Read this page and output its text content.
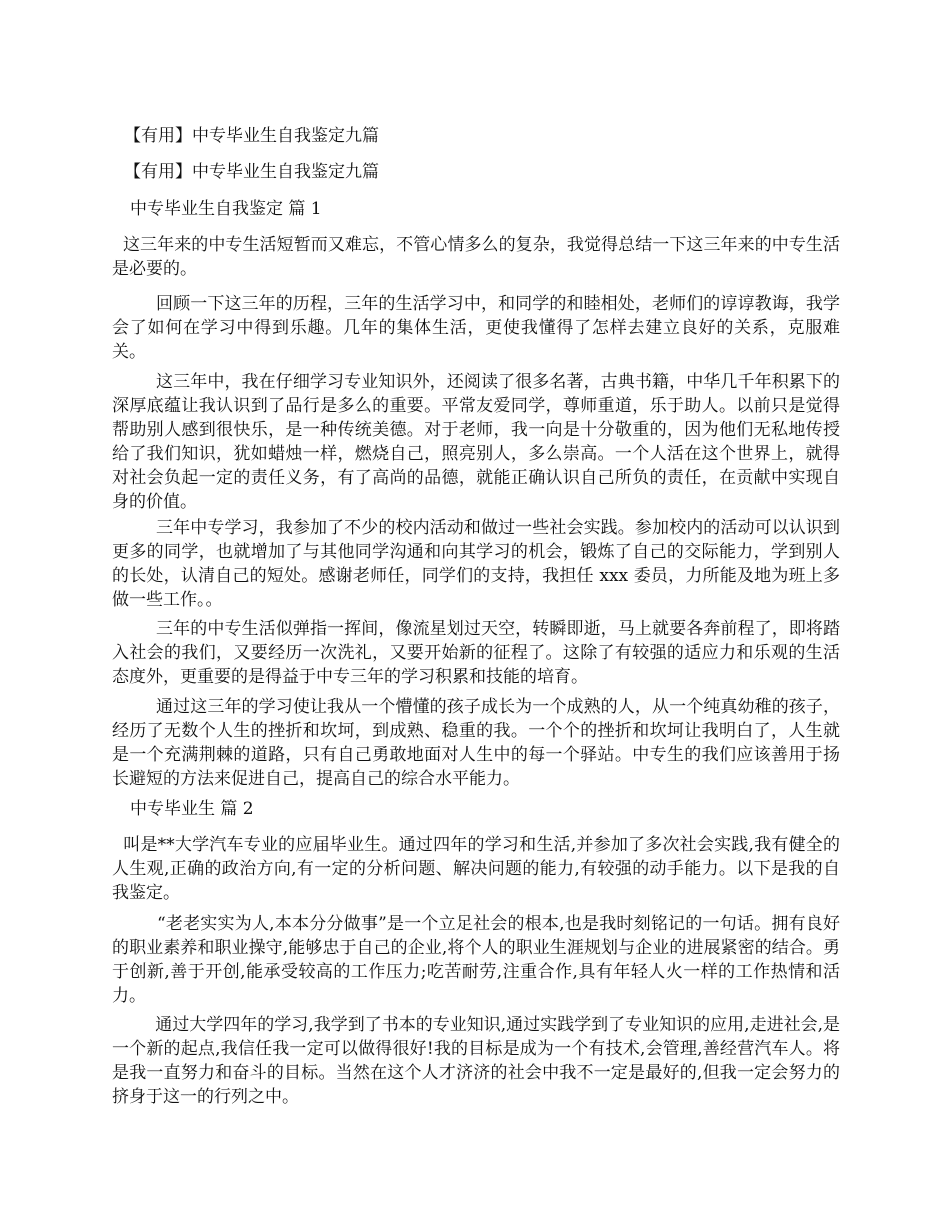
【有用】中专毕业生自我鉴定九篇
【有用】中专毕业生自我鉴定九篇
中专毕业生自我鉴定 篇 1

这三年来的中专生活短暂而又难忘，不管心情多么的复杂，我觉得总结一下这三年来的中专生活是必要的。

回顾一下这三年的历程，三年的生活学习中，和同学的和睦相处，老师们的谆谆教诲，我学会了如何在学习中得到乐趣。几年的集体生活，更使我懂得了怎样去建立良好的关系，克服难关。

这三年中，我在仔细学习专业知识外，还阅读了很多名著，古典书籍，中华几千年积累下的深厚底蕴让我认识到了品行是多么的重要。平常友爱同学，尊师重道，乐于助人。以前只是觉得帮助别人感到很快乐，是一种传统美德。对于老师，我一向是十分敬重的，因为他们无私地传授给了我们知识，犹如蜡烛一样，燃烧自己，照亮别人，多么崇高。一个人活在这个世界上，就得对社会负起一定的责任义务，有了高尚的品德，就能正确认识自己所负的责任，在贡献中实现自身的价值。

三年中专学习，我参加了不少的校内活动和做过一些社会实践。参加校内的活动可以认识到更多的同学，也就增加了与其他同学沟通和向其学习的机会，锻炼了自己的交际能力，学到别人的长处，认清自己的短处。感谢老师任，同学们的支持，我担任 xxx 委员，力所能及地为班上多做一些工作。。

三年的中专生活似弹指一挥间，像流星划过天空，转瞬即逝，马上就要各奔前程了，即将踏入社会的我们，又要经历一次洗礼，又要开始新的征程了。这除了有较强的适应力和乐观的生活态度外，更重要的是得益于中专三年的学习积累和技能的培育。

通过这三年的学习使让我从一个懵懂的孩子成长为一个成熟的人，从一个纯真幼稚的孩子，经历了无数个人生的挫折和坎坷，到成熟、稳重的我。一个个的挫折和坎坷让我明白了，人生就是一个充满荆棘的道路，只有自己勇敢地面对人生中的每一个驿站。中专生的我们应该善用于扬长避短的方法来促进自己，提高自己的综合水平能力。

中专毕业生 篇 2

叫是**大学汽车专业的应届毕业生。通过四年的学习和生活,并参加了多次社会实践,我有健全的人生观,正确的政治方向,有一定的分析问题、解决问题的能力,有较强的动手能力。以下是我的自我鉴定。

“老老实实为人,本本分分做事”是一个立足社会的根本,也是我时刻铭记的一句话。拥有良好的职业素养和职业操守,能够忠于自己的企业,将个人的职业生涯规划与企业的进展紧密的结合。勇于创新,善于开创,能承受较高的工作压力;吃苦耐劳,注重合作,具有年轻人火一样的工作热情和活力。

通过大学四年的学习,我学到了书本的专业知识,通过实践学到了专业知识的应用,走进社会,是一个新的起点,我信任我一定可以做得很好!我的目标是成为一个有技术,会管理,善经营汽车人。将是我一直努力和奋斗的目标。当然在这个人才济济的社会中我不一定是最好的,但我一定会努力的挤身于这一的行列之中。
